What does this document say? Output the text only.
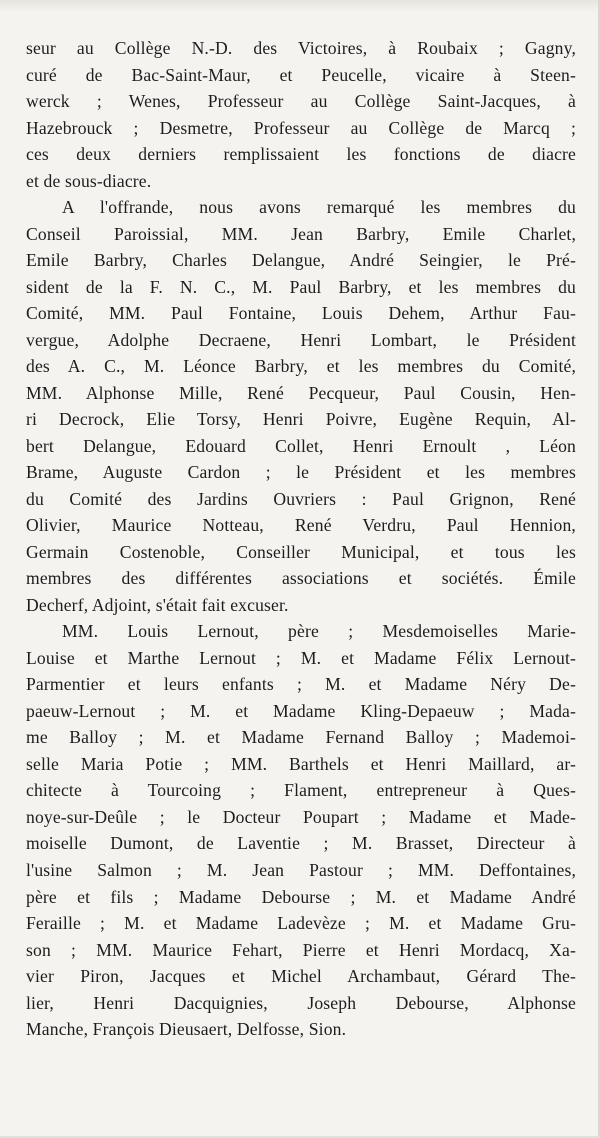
seur au Collège N.-D. des Victoires, à Roubaix ; Gagny,
curé de Bac-Saint-Maur, et Peucelle, vicaire à Steen-
werck ; Wenes, Professeur au Collège Saint-Jacques, à
Hazebrouck ; Desmetre, Professeur au Collège de Marcq ;
ces deux derniers remplissaient les fonctions de diacre
et de sous-diacre.
A l'offrande, nous avons remarqué les membres du
Conseil Paroissial, MM. Jean Barbry, Emile Charlet,
Emile Barbry, Charles Delangue, André Seingier, le Pré-
sident de la F. N. C., M. Paul Barbry, et les membres du
Comité, MM. Paul Fontaine, Louis Dehem, Arthur Fau-
vergue, Adolphe Decraene, Henri Lombart, le Président
des A. C., M. Léonce Barbry, et les membres du Comité,
MM. Alphonse Mille, René Pecqueur, Paul Cousin, Hen-
ri Decrock, Elie Torsy, Henri Poivre, Eugène Requin, Al-
bert Delangue, Edouard Collet, Henri Ernoult , Léon
Brame, Auguste Cardon ; le Président et les membres
du Comité des Jardins Ouvriers : Paul Grignon, René
Olivier, Maurice Notteau, René Verdru, Paul Hennion,
Germain Costenoble, Conseiller Municipal, et tous les
membres des différentes associations et sociétés. Émile
Decherf, Adjoint, s'était fait excuser.
MM. Louis Lernout, père ; Mesdemoiselles Marie-
Louise et Marthe Lernout ; M. et Madame Félix Lernout-
Parmentier et leurs enfants ; M. et Madame Néry De-
paeuw-Lernout ; M. et Madame Kling-Depaeuw ; Mada-
me Balloy ; M. et Madame Fernand Balloy ; Mademoi-
selle Maria Potie ; MM. Barthels et Henri Maillard, ar-
chitecte à Tourcoing ; Flament, entrepreneur à Ques-
noye-sur-Deûle ; le Docteur Poupart ; Madame et Made-
moiselle Dumont, de Laventie ; M. Brasset, Directeur à
l'usine Salmon ; M. Jean Pastour ; MM. Deffontaines,
père et fils ; Madame Debourse ; M. et Madame André
Feraille ; M. et Madame Ladevèze ; M. et Madame Gru-
son ; MM. Maurice Fehart, Pierre et Henri Mordacq, Xa-
vier Piron, Jacques et Michel Archambaut, Gérard The-
lier, Henri Dacquignies, Joseph Debourse, Alphonse
Manche, François Dieusaert, Delfosse, Sion.
